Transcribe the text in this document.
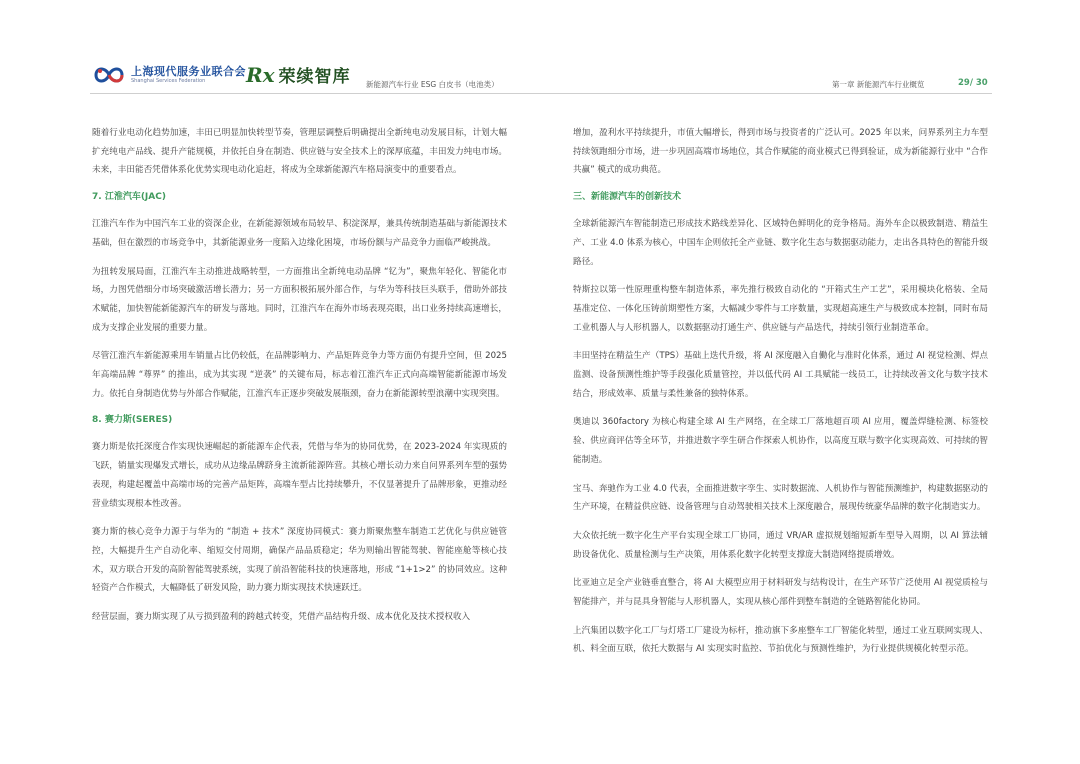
上海现代服务业联合会
Shanghai Services Federation	Rx 荣续智库 新能源汽车行业 ESG 白皮书（电池类）	第一章 新能源汽车行业概览	29/ 30

随着行业电动化趋势加速，丰田已明显加快转型节奏，管理层调整后明确提出全新纯电动发展目标，计划大幅扩充纯电产品线、提升产能规模，并依托自身在制造、供应链与安全技术上的深厚底蕴，丰田发力纯电市场。未来，丰田能否凭借体系化优势实现电动化追赶，将成为全球新能源汽车格局演变中的重要看点。

7. 江淮汽车(JAC)

江淮汽车作为中国汽车工业的资深企业，在新能源领域布局较早、积淀深厚，兼具传统制造基础与新能源技术基础，但在激烈的市场竞争中，其新能源业务一度陷入边缘化困境，市场份额与产品竞争力面临严峻挑战。

为扭转发展局面，江淮汽车主动推进战略转型，一方面推出全新纯电动品牌 “钇为”，聚焦年轻化、智能化市场，力图凭借细分市场突破激活增长潜力；另一方面积极拓展外部合作，与华为等科技巨头联手，借助外部技术赋能，加快智能新能源汽车的研发与落地。同时，江淮汽车在海外市场表现亮眼，出口业务持续高速增长，成为支撑企业发展的重要力量。

尽管江淮汽车新能源乘用车销量占比仍较低，在品牌影响力、产品矩阵竞争力等方面仍有提升空间，但 2025 年高端品牌 “尊界” 的推出，成为其实现 “逆袭” 的关键布局，标志着江淮汽车正式向高端智能新能源市场发力。依托自身制造优势与外部合作赋能，江淮汽车正逐步突破发展瓶颈，奋力在新能源转型浪潮中实现突围。

8. 赛力斯(SERES)

赛力斯是依托深度合作实现快速崛起的新能源车企代表，凭借与华为的协同优势，在 2023-2024 年实现质的飞跃，销量实现爆发式增长，成功从边缘品牌跻身主流新能源阵营。其核心增长动力来自问界系列车型的强势表现，构建起覆盖中高端市场的完善产品矩阵，高端车型占比持续攀升，不仅显著提升了品牌形象，更推动经营业绩实现根本性改善。

赛力斯的核心竞争力源于与华为的 “制造 + 技术” 深度协同模式：赛力斯聚焦整车制造工艺优化与供应链管控，大幅提升生产自动化率、缩短交付周期，确保产品品质稳定；华为则输出智能驾驶、智能座舱等核心技术，双方联合开发的高阶智能驾驶系统，实现了前沿智能科技的快速落地，形成 “1+1>2” 的协同效应。这种轻资产合作模式，大幅降低了研发风险，助力赛力斯实现技术快速跃迁。

经营层面，赛力斯实现了从亏损到盈利的跨越式转变，凭借产品结构升级、成本优化及技术授权收入

增加，盈利水平持续提升，市值大幅增长，得到市场与投资者的广泛认可。2025 年以来，问界系列主力车型持续领跑细分市场，进一步巩固高端市场地位，其合作赋能的商业模式已得到验证，成为新能源行业中 “合作共赢” 模式的成功典范。

三、新能源汽车的创新技术

全球新能源汽车智能制造已形成技术路线差异化、区域特色鲜明化的竞争格局。海外车企以极致制造、精益生产、工业 4.0 体系为核心，中国车企则依托全产业链、数字化生态与数据驱动能力，走出各具特色的智能升级路径。

特斯拉以第一性原理重构整车制造体系，率先推行极致自动化的 “开箱式生产工艺”，采用模块化格装、全局基准定位、一体化压铸前期塑性方案，大幅减少零件与工序数量，实现超高速生产与极致成本控制，同时布局工业机器人与人形机器人，以数据驱动打通生产、供应链与产品迭代，持续引领行业制造革命。

丰田坚持在精益生产（TPS）基础上迭代升级，将 AI 深度融入自働化与准时化体系，通过 AI 视觉检测、焊点监测、设备预测性维护等手段强化质量管控，并以低代码 AI 工具赋能一线员工，让持续改善文化与数字技术结合，形成效率、质量与柔性兼备的独特体系。

奥迪以 360factory 为核心构建全球 AI 生产网络，在全球工厂落地超百项 AI 应用，覆盖焊缝检测、标签校验、供应商评估等全环节，并推进数字孪生研合作探索人机协作，以高度互联与数字化实现高效、可持续的智能制造。

宝马、奔驰作为工业 4.0 代表，全面推进数字孪生、实时数据流、人机协作与智能预测维护，构建数据驱动的生产环境，在精益供应链、设备管理与自动驾驶相关技术上深度融合，展现传统豪华品牌的数字化制造实力。

大众依托统一数字化生产平台实现全球工厂协同，通过 VR/AR 虚拟规划缩短新车型导入周期，以 AI 算法辅助设备优化、质量检测与生产决策，用体系化数字化转型支撑庞大制造网络提质增效。

比亚迪立足全产业链垂直整合，将 AI 大模型应用于材料研发与结构设计，在生产环节广泛使用 AI 视觉质检与智能排产，并与昆具身智能与人形机器人，实现从核心部件到整车制造的全链路智能化协同。

上汽集团以数字化工厂与灯塔工厂建设为标杆，推动旗下多座整车工厂智能化转型，通过工业互联网实现人、机、料全面互联，依托大数据与 AI 实现实时监控、节拍优化与预测性维护，为行业提供规模化转型示范。
